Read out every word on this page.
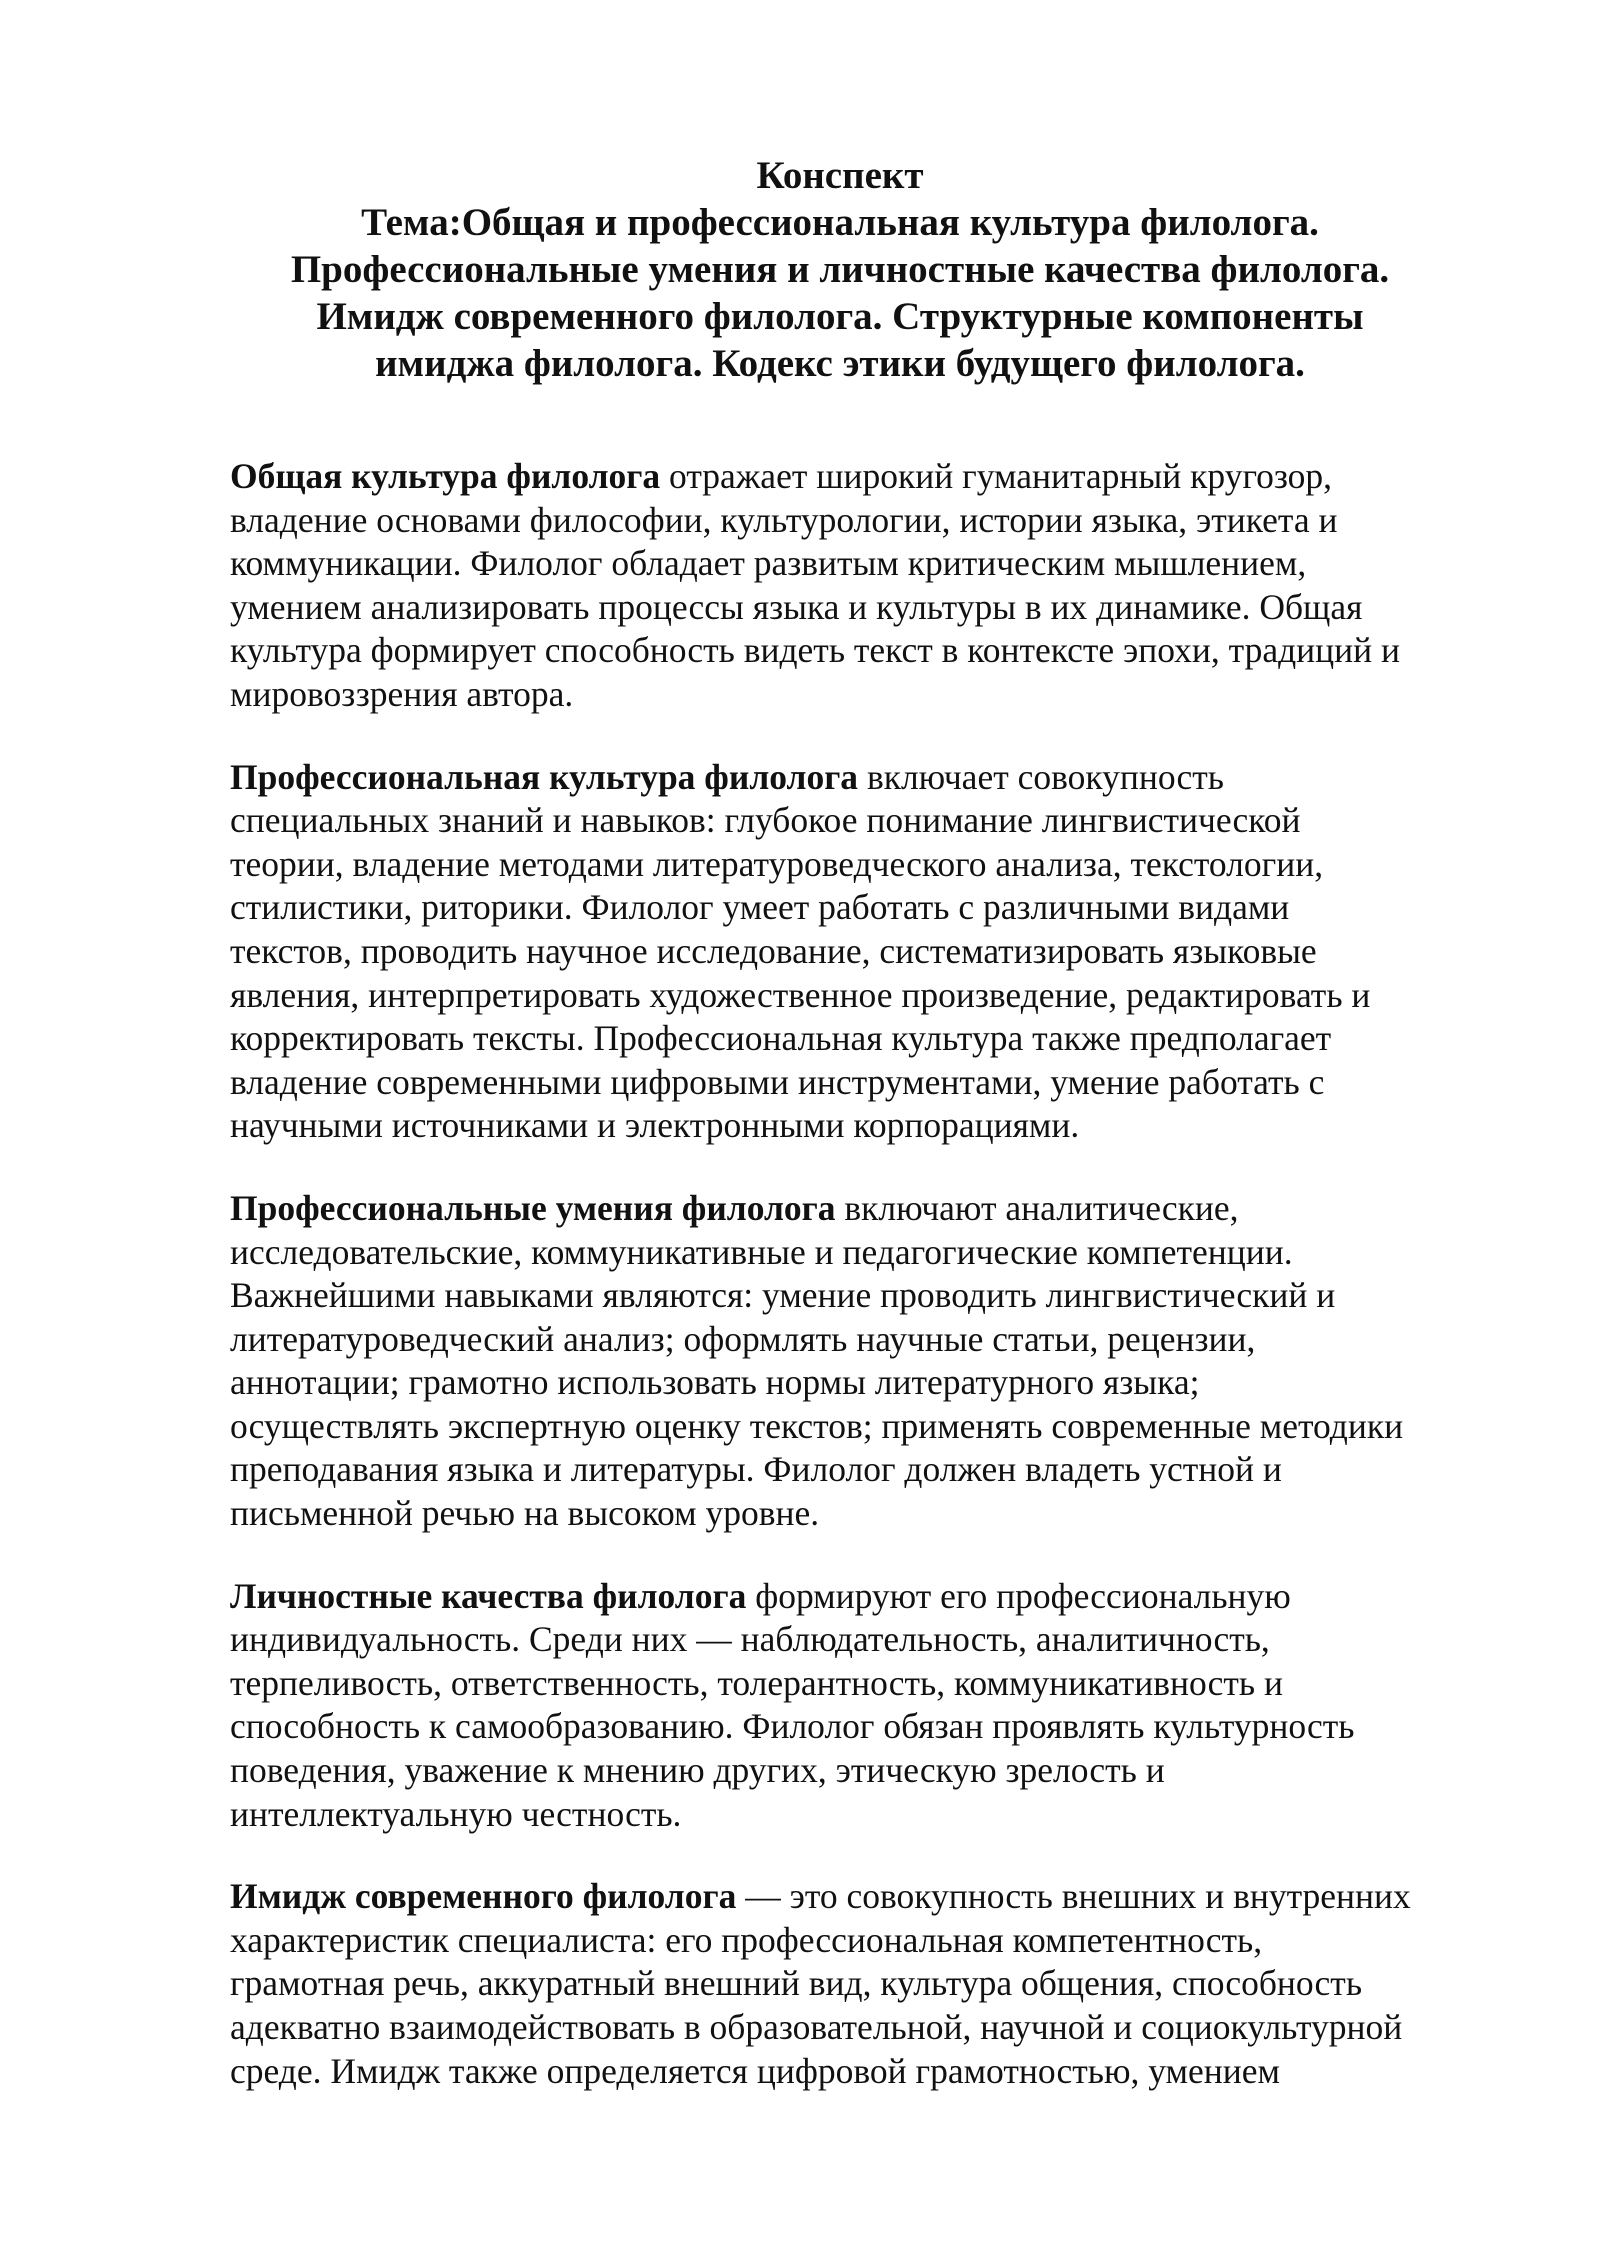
Конспект
Тема:Общая и профессиональная культура филолога.
Профессиональные умения и личностные качества филолога.
Имидж современного филолога. Структурные компоненты
имиджа филолога. Кодекс этики будущего филолога.
Общая культура филолога отражает широкий гуманитарный кругозор,
владение основами философии, культурологии, истории языка, этикета и
коммуникации. Филолог обладает развитым критическим мышлением,
умением анализировать процессы языка и культуры в их динамике. Общая
культура формирует способность видеть текст в контексте эпохи, традиций и
мировоззрения автора.
Профессиональная культура филолога включает совокупность
специальных знаний и навыков: глубокое понимание лингвистической
теории, владение методами литературоведческого анализа, текстологии,
стилистики, риторики. Филолог умеет работать с различными видами
текстов, проводить научное исследование, систематизировать языковые
явления, интерпретировать художественное произведение, редактировать и
корректировать тексты. Профессиональная культура также предполагает
владение современными цифровыми инструментами, умение работать с
научными источниками и электронными корпорациями.
Профессиональные умения филолога включают аналитические,
исследовательские, коммуникативные и педагогические компетенции.
Важнейшими навыками являются: умение проводить лингвистический и
литературоведческий анализ; оформлять научные статьи, рецензии,
аннотации; грамотно использовать нормы литературного языка;
осуществлять экспертную оценку текстов; применять современные методики
преподавания языка и литературы. Филолог должен владеть устной и
письменной речью на высоком уровне.
Личностные качества филолога формируют его профессиональную
индивидуальность. Среди них — наблюдательность, аналитичность,
терпеливость, ответственность, толерантность, коммуникативность и
способность к самообразованию. Филолог обязан проявлять культурность
поведения, уважение к мнению других, этическую зрелость и
интеллектуальную честность.
Имидж современного филолога — это совокупность внешних и внутренних
характеристик специалиста: его профессиональная компетентность,
грамотная речь, аккуратный внешний вид, культура общения, способность
адекватно взаимодействовать в образовательной, научной и социокультурной
среде. Имидж также определяется цифровой грамотностью, умением
